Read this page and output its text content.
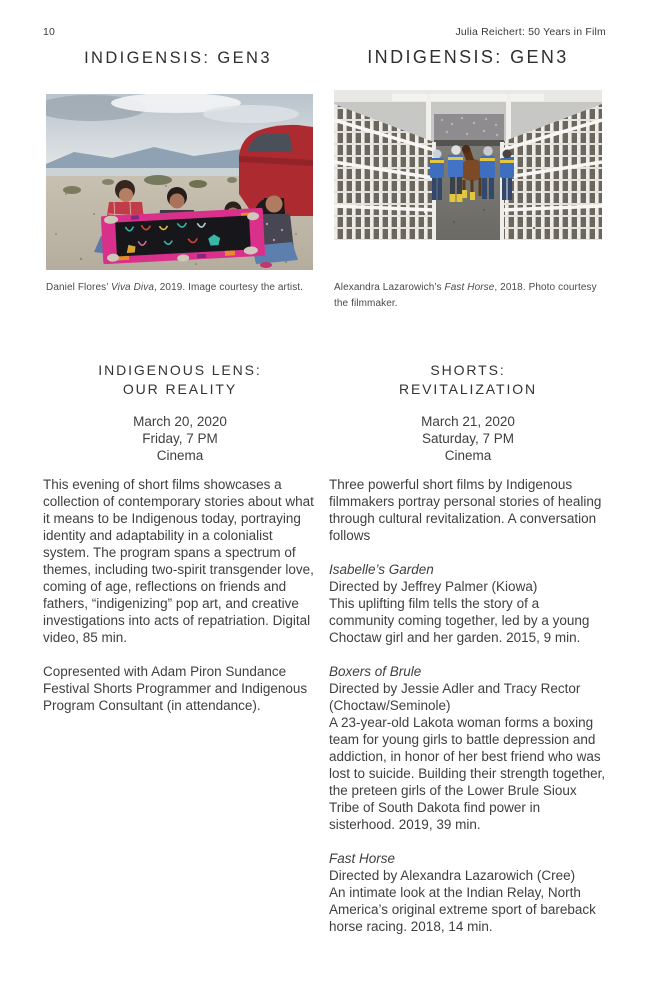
10	Julia Reichert: 50 Years in Film
INDIGENSIS: GEN3	INDIGENSIS: GEN3
Daniel Flores’ Viva Diva, 2019. Image courtesy the artist.	Alexandra Lazarowich’s Fast Horse, 2018. Photo courtesy the filmmaker.
INDIGENOUS LENS:
OUR REALITY
March 20, 2020
Friday, 7 PM
Cinema

This evening of short films showcases a collection of contemporary stories about what it means to be Indigenous today, portraying identity and adaptability in a colonialist system. The program spans a spectrum of themes, including two-spirit transgender love, coming of age, reflections on friends and fathers, “indigenizing” pop art, and creative investigations into acts of repatriation. Digital video, 85 min.

Copresented with Adam Piron Sundance Festival Shorts Programmer and Indigenous Program Consultant (in attendance).

SHORTS:
REVITALIZATION
March 21, 2020
Saturday, 7 PM
Cinema

Three powerful short films by Indigenous filmmakers portray personal stories of healing through cultural revitalization. A conversation follows

Isabelle’s Garden
Directed by Jeffrey Palmer (Kiowa)
This uplifting film tells the story of a community coming together, led by a young Choctaw girl and her garden. 2015, 9 min.
Boxers of Brule
Directed by Jessie Adler and Tracy Rector (Choctaw/Seminole)
A 23-year-old Lakota woman forms a boxing team for young girls to battle depression and addiction, in honor of her best friend who was lost to suicide. Building their strength together, the preteen girls of the Lower Brule Sioux Tribe of South Dakota find power in sisterhood. 2019, 39 min.
Fast Horse
Directed by Alexandra Lazarowich (Cree)
An intimate look at the Indian Relay, North America’s original extreme sport of bareback horse racing. 2018, 14 min.
